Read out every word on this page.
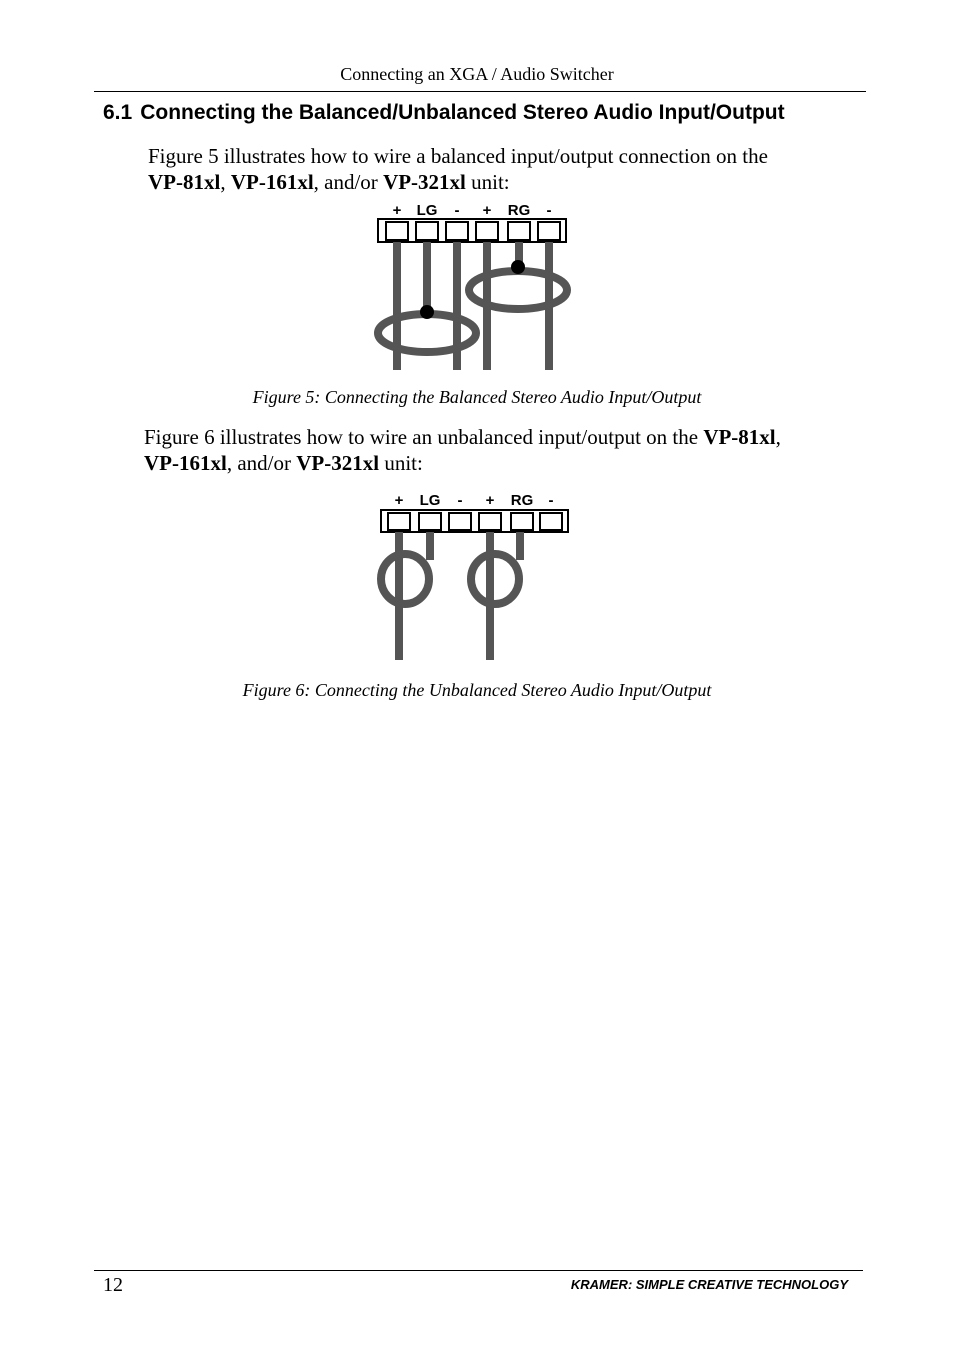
Connecting an XGA / Audio Switcher
6.1 Connecting the Balanced/Unbalanced Stereo Audio Input/Output
Figure 5 illustrates how to wire a balanced input/output connection on the
VP-81xl, VP-161xl, and/or VP-321xl unit:
+ LG - + RG -
Figure 5: Connecting the Balanced Stereo Audio Input/Output
Figure 6 illustrates how to wire an unbalanced input/output on the VP-81xl,
VP-161xl, and/or VP-321xl unit:
+ LG - + RG -
Figure 6: Connecting the Unbalanced Stereo Audio Input/Output
12	KRAMER: SIMPLE CREATIVE TECHNOLOGY
